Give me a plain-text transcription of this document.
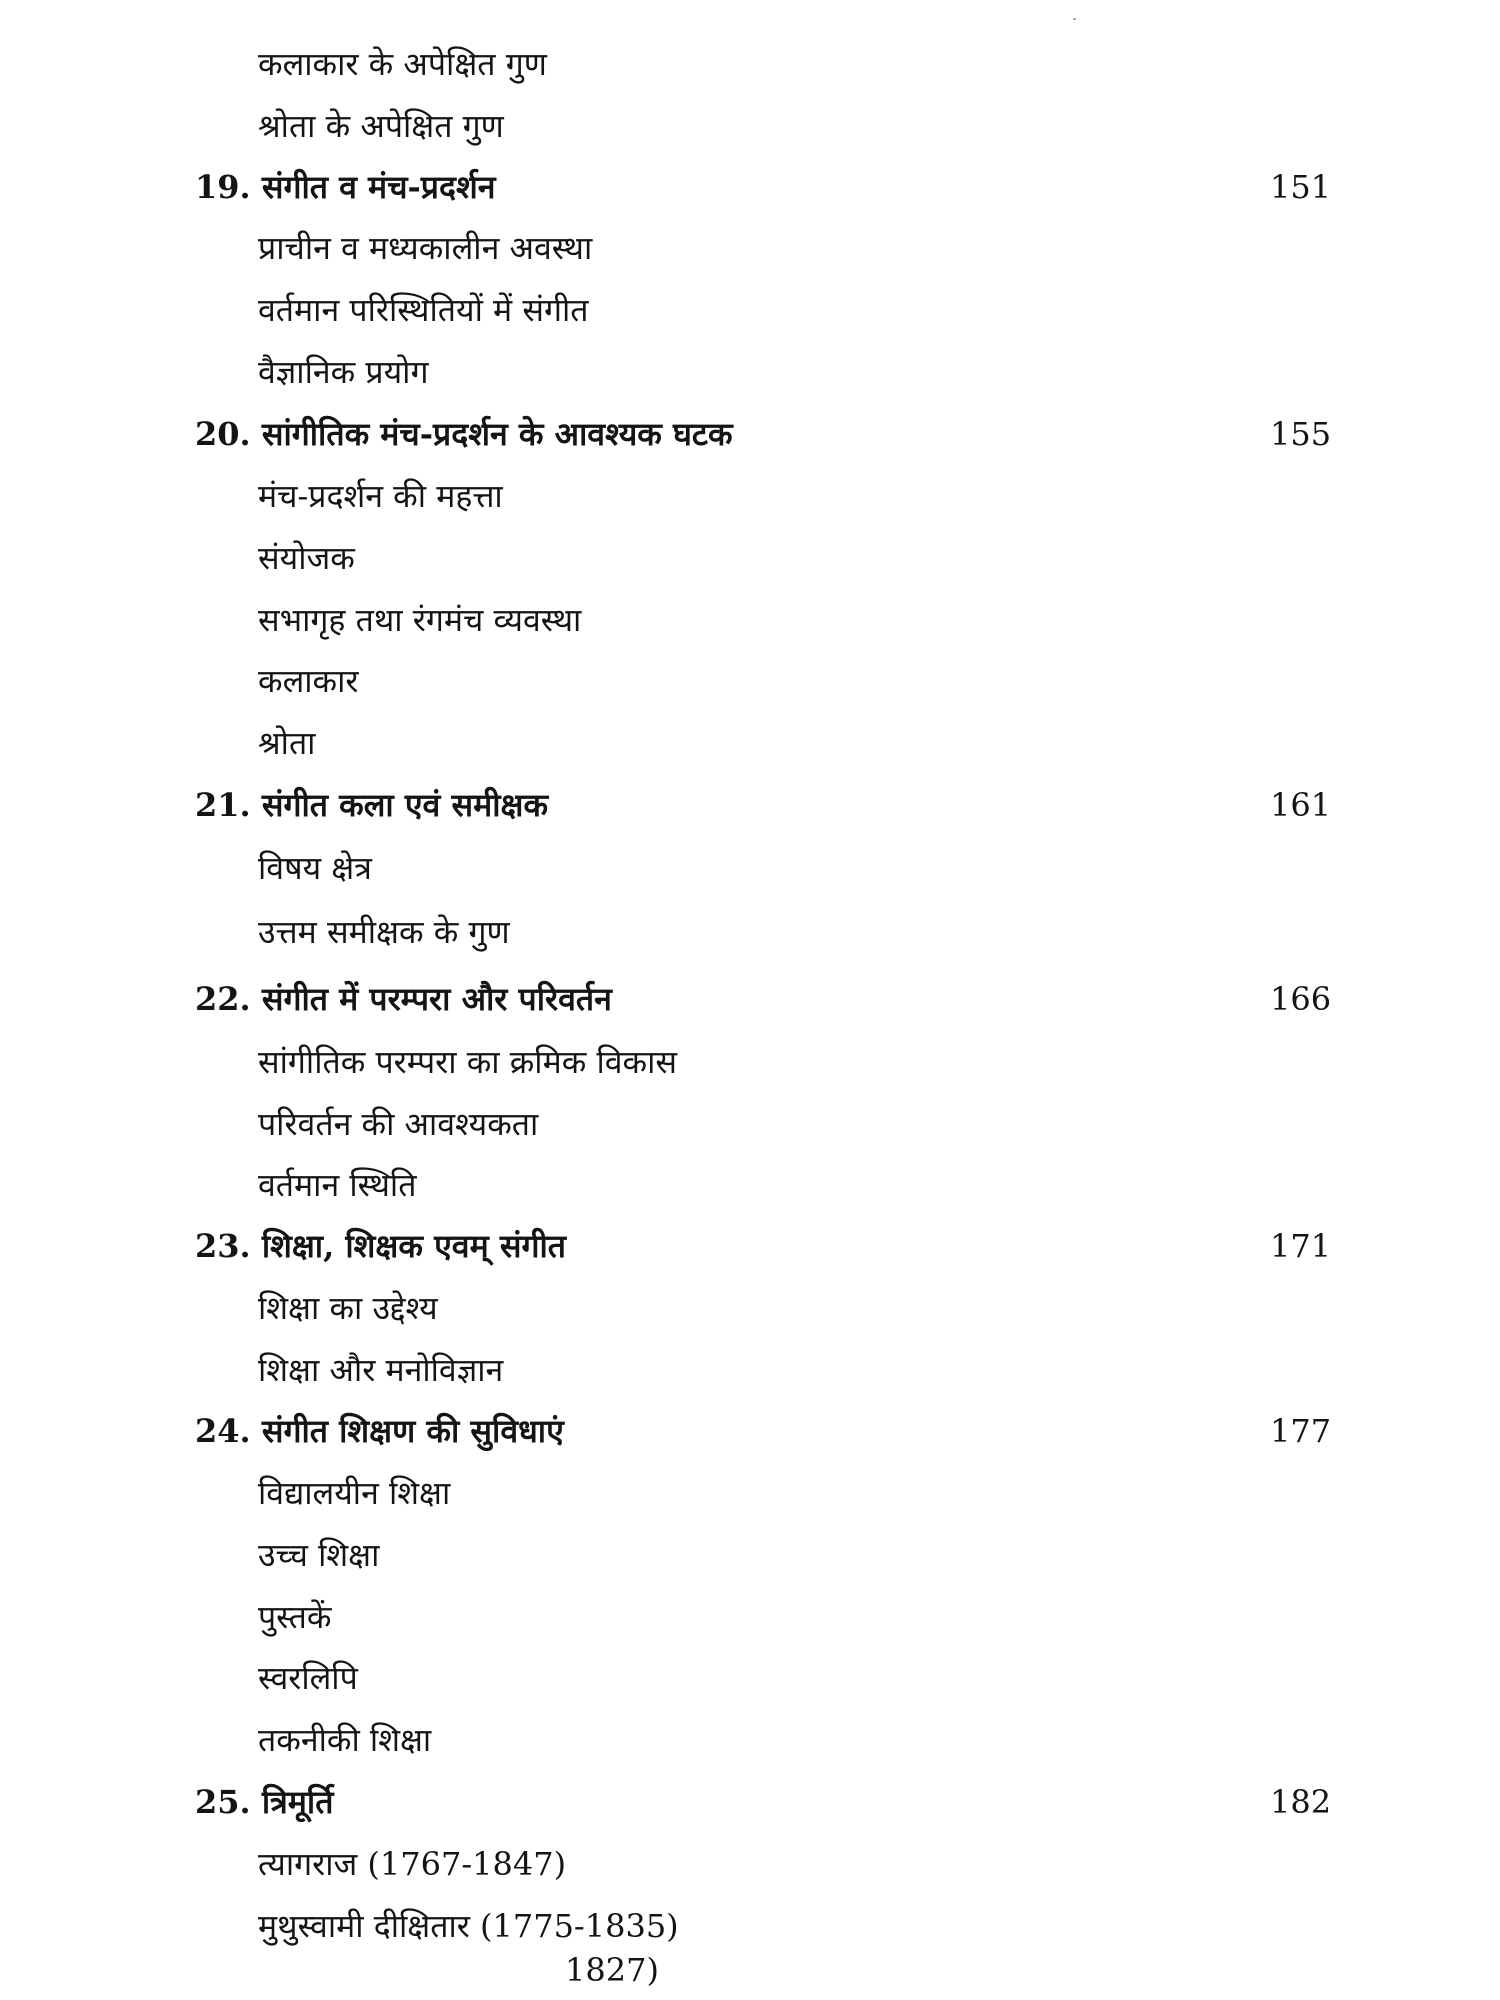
कलाकार के अपेक्षित गुण
श्रोता के अपेक्षित गुण
19. संगीत व मंच-प्रदर्शन	151
प्राचीन व मध्यकालीन अवस्था
वर्तमान परिस्थितियों में संगीत
वैज्ञानिक प्रयोग
20. सांगीतिक मंच-प्रदर्शन के आवश्यक घटक	155
मंच-प्रदर्शन की महत्ता
संयोजक
सभागृह तथा रंगमंच व्यवस्था
कलाकार
श्रोता
21. संगीत कला एवं समीक्षक	161
विषय क्षेत्र
उत्तम समीक्षक के गुण
22. संगीत में परम्परा और परिवर्तन	166
सांगीतिक परम्परा का क्रमिक विकास
परिवर्तन की आवश्यकता
वर्तमान स्थिति
23. शिक्षा, शिक्षक एवम् संगीत	171
शिक्षा का उद्देश्य
शिक्षा और मनोविज्ञान
24. संगीत शिक्षण की सुविधाएं	177
विद्यालयीन शिक्षा
उच्च शिक्षा
पुस्तकें
स्वरलिपि
तकनीकी शिक्षा
25. त्रिमूर्ति	182
त्यागराज (1767-1847)
मुथुस्वामी दीक्षितार (1775-1835)
1827)
